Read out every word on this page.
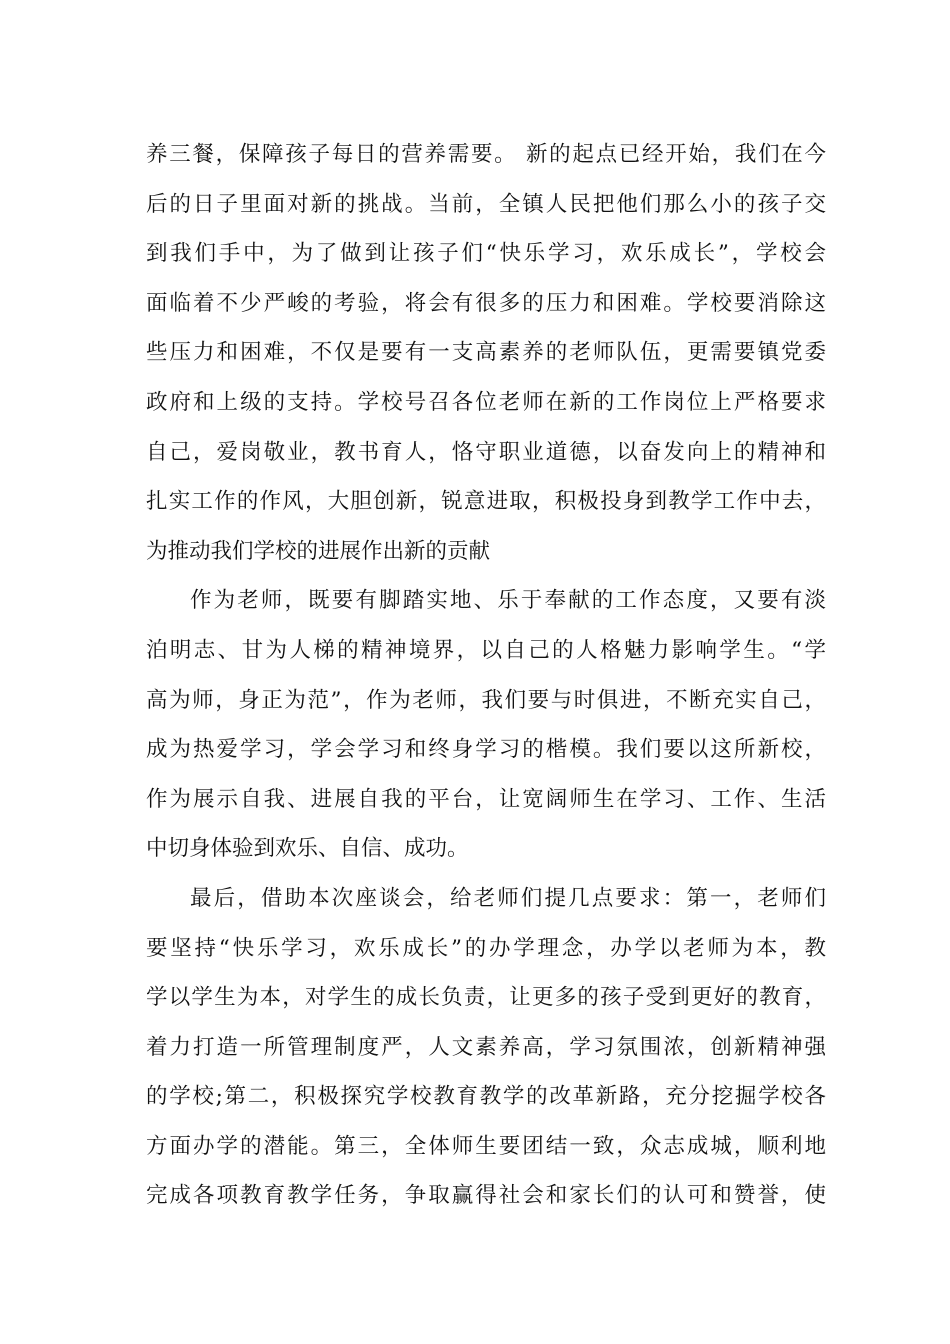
养三餐，保障孩子每日的营养需要。 新的起点已经开始，我们在今
后的日子里面对新的挑战。当前，全镇人民把他们那么小的孩子交
到我们手中，为了做到让孩子们“快乐学习，欢乐成长”，学校会
面临着不少严峻的考验，将会有很多的压力和困难。学校要消除这
些压力和困难，不仅是要有一支高素养的老师队伍，更需要镇党委
政府和上级的支持。学校号召各位老师在新的工作岗位上严格要求
自己，爱岗敬业，教书育人，恪守职业道德，以奋发向上的精神和
扎实工作的作风，大胆创新，锐意进取，积极投身到教学工作中去，
为推动我们学校的进展作出新的贡献
作为老师，既要有脚踏实地、乐于奉献的工作态度，又要有淡
泊明志、甘为人梯的精神境界，以自己的人格魅力影响学生。“学
高为师，身正为范”，作为老师，我们要与时俱进，不断充实自己，
成为热爱学习，学会学习和终身学习的楷模。我们要以这所新校，
作为展示自我、进展自我的平台，让宽阔师生在学习、工作、生活
中切身体验到欢乐、自信、成功。
最后，借助本次座谈会，给老师们提几点要求：第一，老师们
要坚持“快乐学习，欢乐成长”的办学理念，办学以老师为本，教
学以学生为本，对学生的成长负责，让更多的孩子受到更好的教育，
着力打造一所管理制度严，人文素养高，学习氛围浓，创新精神强
的学校;第二，积极探究学校教育教学的改革新路，充分挖掘学校各
方面办学的潜能。第三，全体师生要团结一致，众志成城，顺利地
完成各项教育教学任务，争取赢得社会和家长们的认可和赞誉，使
